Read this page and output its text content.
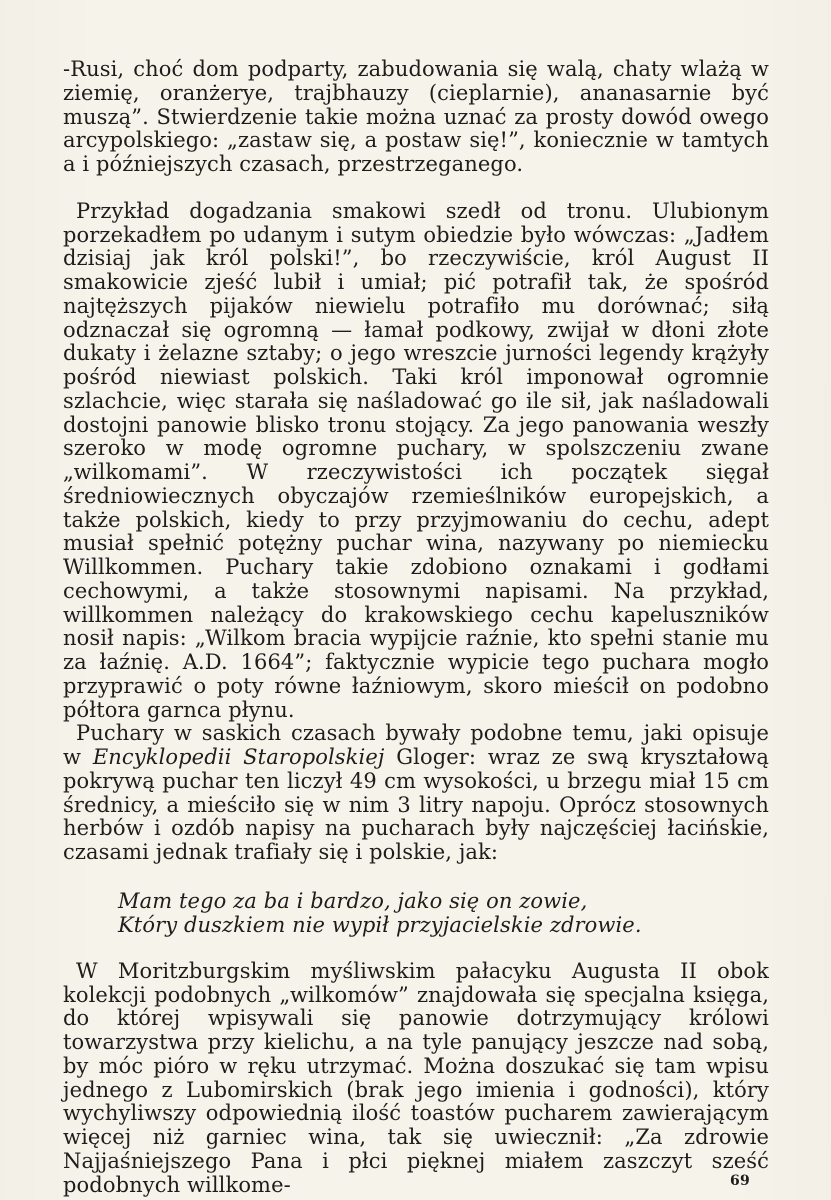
-Rusi, choć dom podparty, zabudowania się walą, chaty wlażą w ziemię, oranżerye, trajbhauzy (cieplarnie), ananasarnie być muszą”. Stwierdzenie takie można uznać za prosty dowód owego arcypolskiego: „zastaw się, a postaw się!”, koniecznie w tamtych a i późniejszych czasach, przestrzeganego.

Przykład dogadzania smakowi szedł od tronu. Ulubionym porzekadłem po udanym i sutym obiedzie było wówczas: „Jadłem dzisiaj jak król polski!”, bo rzeczywiście, król August II smakowicie zjeść lubił i umiał; pić potrafił tak, że spośród najtęższych pijaków niewielu potrafiło mu dorównać; siłą odznaczał się ogromną — łamał podkowy, zwijał w dłoni złote dukaty i żelazne sztaby; o jego wreszcie jurności legendy krążyły pośród niewiast polskich. Taki król imponował ogromnie szlachcie, więc starała się naśladować go ile sił, jak naśladowali dostojni panowie blisko tronu stojący. Za jego panowania weszły szeroko w modę ogromne puchary, w spolszczeniu zwane „wilkomami”. W rzeczywistości ich początek sięgał średniowiecznych obyczajów rzemieślników europejskich, a także polskich, kiedy to przy przyjmowaniu do cechu, adept musiał spełnić potężny puchar wina, nazywany po niemiecku Willkommen. Puchary takie zdobiono oznakami i godłami cechowymi, a także stosownymi napisami. Na przykład, willkommen należący do krakowskiego cechu kapeluszników nosił napis: „Wilkom bracia wypijcie raźnie, kto spełni stanie mu za łaźnię. A.D. 1664”; faktycznie wypicie tego puchara mogło przyprawić o poty równe łaźniowym, skoro mieścił on podobno półtora garnca płynu.

Puchary w saskich czasach bywały podobne temu, jaki opisuje w Encyklopedii Staropolskiej Gloger: wraz ze swą kryształową pokrywą puchar ten liczył 49 cm wysokości, u brzegu miał 15 cm średnicy, a mieściło się w nim 3 litry napoju. Oprócz stosownych herbów i ozdób napisy na pucharach były najczęściej łacińskie, czasami jednak trafiały się i polskie, jak:

Mam tego za ba i bardzo, jako się on zowie,
Który duszkiem nie wypił przyjacielskie zdrowie.

W Moritzburgskim myśliwskim pałacyku Augusta II obok kolekcji podobnych „wilkomów” znajdowała się specjalna księga, do której wpisywali się panowie dotrzymujący królowi towarzystwa przy kielichu, a na tyle panujący jeszcze nad sobą, by móc pióro w ręku utrzymać. Można doszukać się tam wpisu jednego z Lubomirskich (brak jego imienia i godności), który wychyliwszy odpowiednią ilość toastów pucharem zawierającym więcej niż garniec wina, tak się uwiecznił: „Za zdrowie Najjaśniejszego Pana i płci pięknej miałem zaszczyt sześć podobnych willkome-	69
